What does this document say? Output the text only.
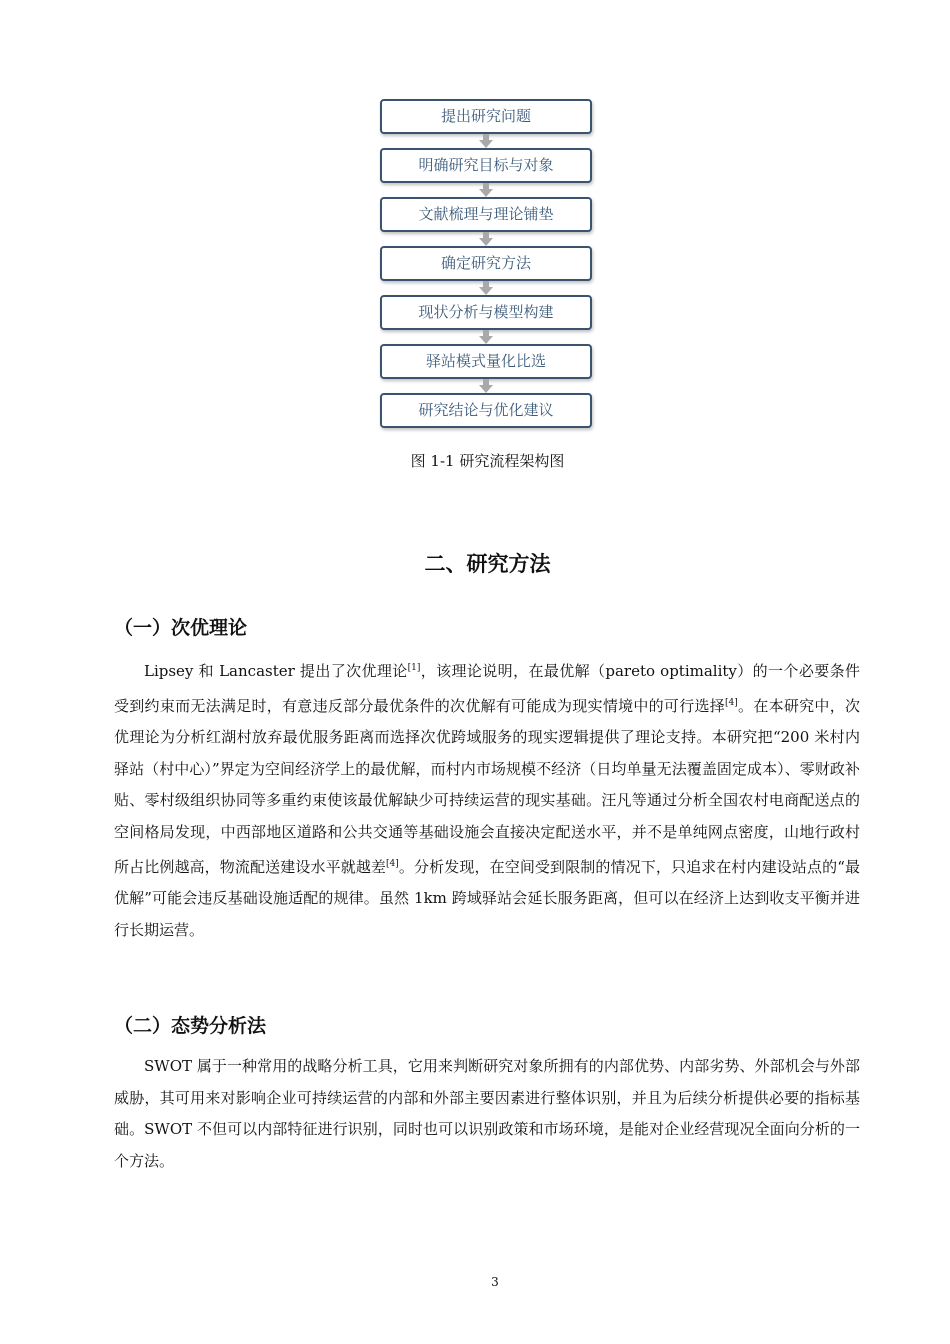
提出研究问题
明确研究目标与对象
文献梳理与理论铺垫
确定研究方法
现状分析与模型构建
驿站模式量化比选
研究结论与优化建议
图 1-1 研究流程架构图
二、研究方法
（一）次优理论
Lipsey 和 Lancaster 提出了次优理论[1]，该理论说明，在最优解（pareto optimality）的一个必要条件受到约束而无法满足时，有意违反部分最优条件的次优解有可能成为现实情境中的可行选择[4]。在本研究中，次优理论为分析红湖村放弃最优服务距离而选择次优跨域服务的现实逻辑提供了理论支持。本研究把“200 米村内驿站（村中心）”界定为空间经济学上的最优解，而村内市场规模不经济（日均单量无法覆盖固定成本）、零财政补贴、零村级组织协同等多重约束使该最优解缺少可持续运营的现实基础。汪凡等通过分析全国农村电商配送点的空间格局发现，中西部地区道路和公共交通等基础设施会直接决定配送水平，并不是单纯网点密度，山地行政村所占比例越高，物流配送建设水平就越差[4]。分析发现，在空间受到限制的情况下，只追求在村内建设站点的“最优解”可能会违反基础设施适配的规律。虽然 1km 跨域驿站会延长服务距离，但可以在经济上达到收支平衡并进行长期运营。
（二）态势分析法
SWOT 属于一种常用的战略分析工具，它用来判断研究对象所拥有的内部优势、内部劣势、外部机会与外部威胁，其可用来对影响企业可持续运营的内部和外部主要因素进行整体识别，并且为后续分析提供必要的指标基础。SWOT 不但可以内部特征进行识别，同时也可以识别政策和市场环境，是能对企业经营现况全面向分析的一个方法。
3
